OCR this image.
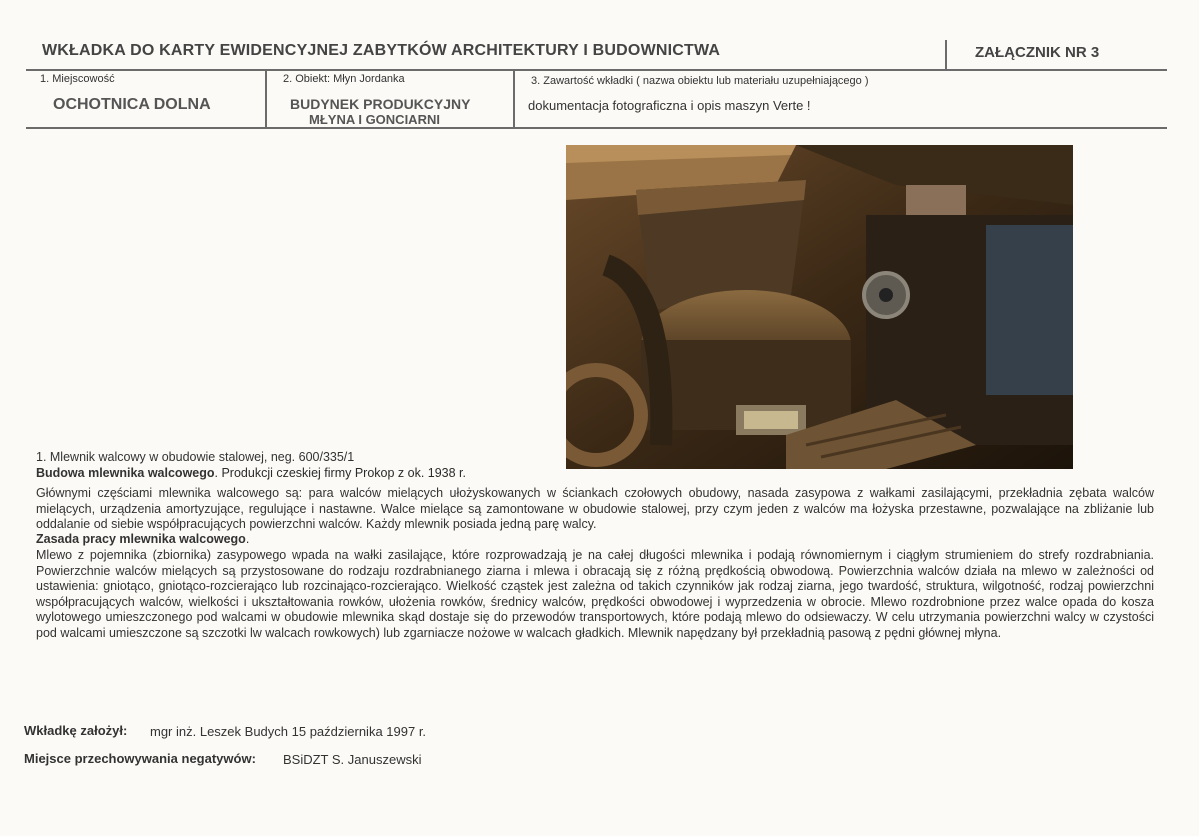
WKŁADKA DO KARTY EWIDENCYJNEJ ZABYTKÓW ARCHITEKTURY I BUDOWNICTWA	ZAŁĄCZNIK NR 3
1. Miejscowość
OCHOTNICA DOLNA
2. Obiekt: Młyn Jordanka
BUDYNEK PRODUKCYJNY
MŁYNA I GONCIARNI
3. Zawartość wkładki ( nazwa obiektu lub materiału uzupełniającego )
dokumentacja fotograficzna i opis maszyn Verte !
1. Mlewnik walcowy w obudowie stalowej, neg. 600/335/1
Budowa mlewnika walcowego. Produkcji czeskiej firmy Prokop z ok. 1938 r.
Głównymi częściami mlewnika walcowego są: para walców mielących ułożyskowanych w ściankach czołowych obudowy, nasada zasypowa z wałkami zasilającymi, przekładnia zębata walców mielących, urządzenia amortyzujące, regulujące i nastawne. Walce mielące są zamontowane w obudowie stalowej, przy czym jeden z walców ma łożyska przestawne, pozwalające na zbliżanie lub oddalanie od siebie współpracujących powierzchni walców. Każdy mlewnik posiada jedną parę walcy.
Zasada pracy mlewnika walcowego.
Mlewo z pojemnika (zbiornika) zasypowego wpada na wałki zasilające, które rozprowadzają je na całej długości mlewnika i podają równomiernym i ciągłym strumieniem do strefy rozdrabniania. Powierzchnie walców mielących są przystosowane do rodzaju rozdrabnianego ziarna i mlewa i obracają się z różną prędkością obwodową. Powierzchnia walców działa na mlewo w zależności od ustawienia: gniotąco, gniotąco-rozcierająco lub rozcinająco-rozcierająco. Wielkość cząstek jest zależna od takich czynników jak rodzaj ziarna, jego twardość, struktura, wilgotność, rodzaj powierzchni współpracujących walców, wielkości i ukształtowania rowków, ułożenia rowków, średnicy walców, prędkości obwodowej i wyprzedzenia w obrocie. Mlewo rozdrobnione przez walce opada do kosza wylotowego umieszczonego pod walcami w obudowie mlewnika skąd dostaje się do przewodów transportowych, które podają mlewo do odsiewaczy. W celu utrzymania powierzchni walcy w czystości pod walcami umieszczone są szczotki lw walcach rowkowych) lub zgarniacze nożowe w walcach gładkich. Mlewnik napędzany był przekładnią pasową z pędni głównej młyna.
Wkładkę założył: mgr inż. Leszek Budych 15 października 1997 r.
Miejsce przechowywania negatywów: BSiDZT S. Januszewski
